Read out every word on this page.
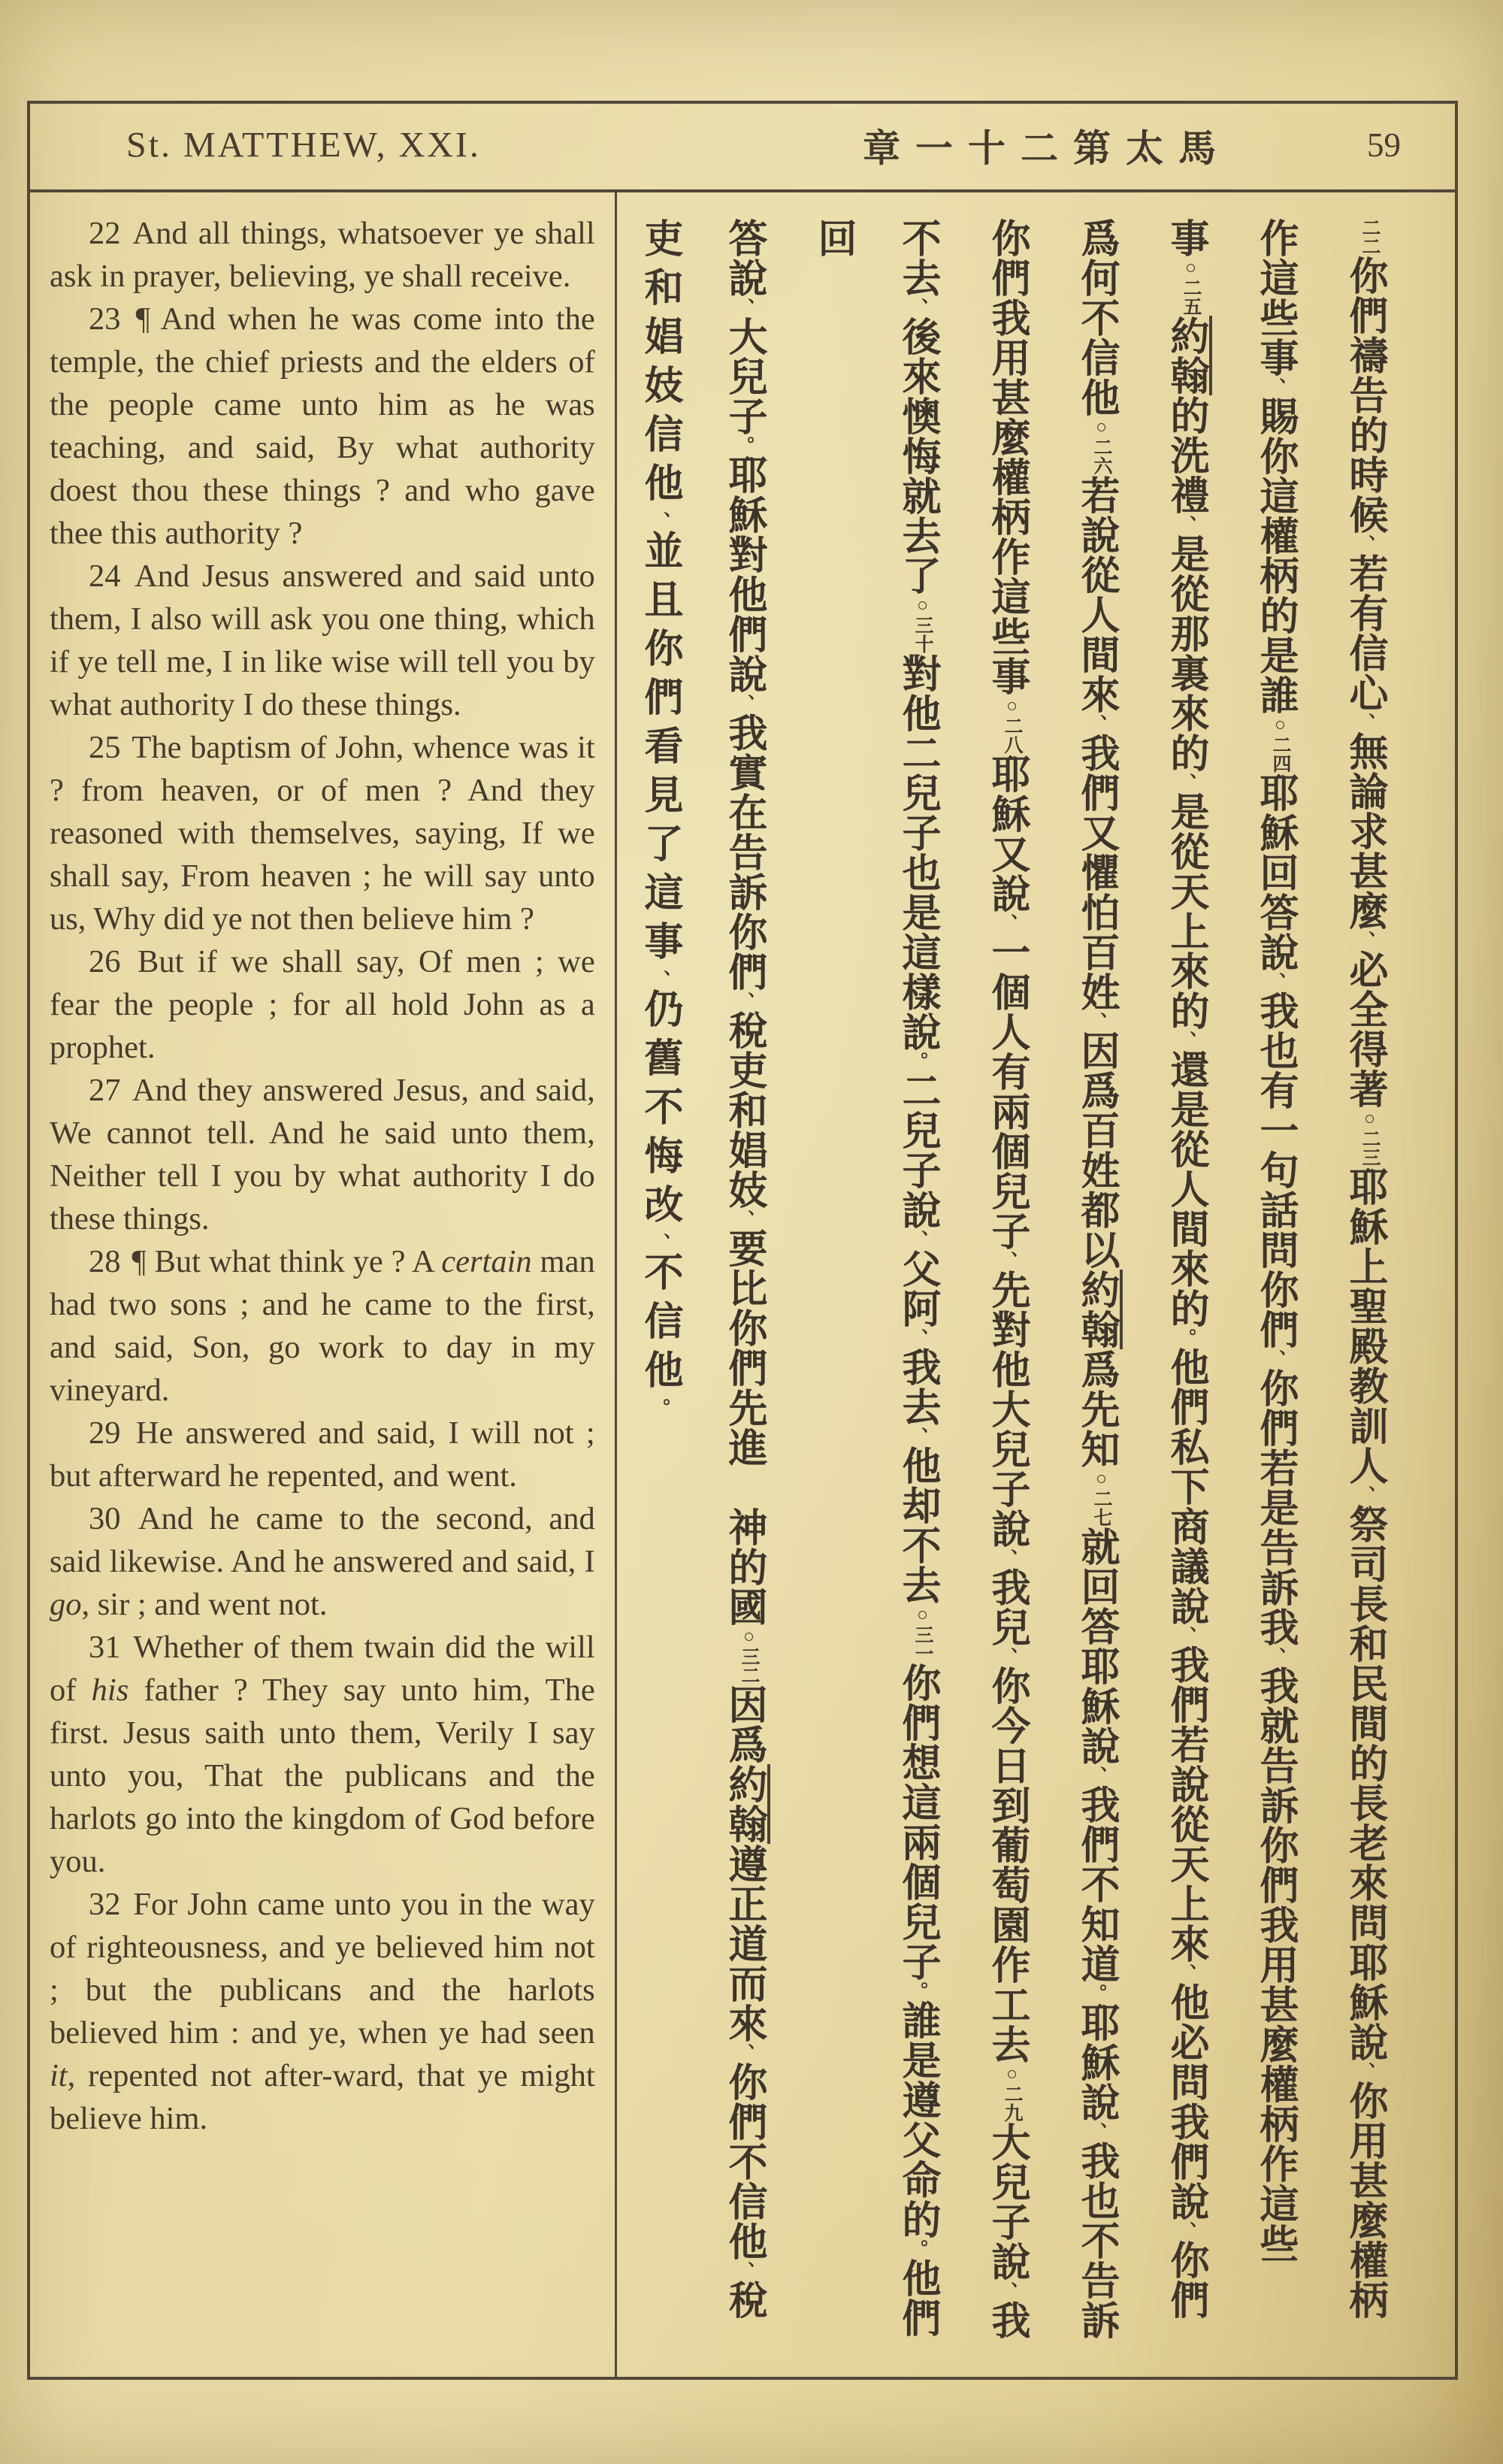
St. MATTHEW, XXI.	章一十二第太馬	59

22 And all things, whatsoever ye shall ask in prayer, believing, ye shall receive.

23 ¶ And when he was come into the temple, the chief priests and the elders of the people came unto him as he was teaching, and said, By what authority doest thou these things ? and who gave thee this authority ?

24 And Jesus answered and said unto them, I also will ask you one thing, which if ye tell me, I in like wise will tell you by what authority I do these things.

25 The baptism of John, whence was it ? from heaven, or of men ? And they reasoned with themselves, saying, If we shall say, From heaven ; he will say unto us, Why did ye not then believe him ?

26 But if we shall say, Of men ; we fear the people ; for all hold John as a prophet.

27 And they answered Jesus, and said, We cannot tell. And he said unto them, Neither tell I you by what authority I do these things.

28 ¶ But what think ye ? A certain man had two sons ; and he came to the first, and said, Son, go work to day in my vineyard.

29 He answered and said, I will not ; but afterward he repented, and went.

30 And he came to the second, and said likewise. And he answered and said, I go, sir ; and went not.

31 Whether of them twain did the will of his father ? They say unto him, The first. Jesus saith unto them, Verily I say unto you, That the publicans and the harlots go into the kingdom of God before you.

32 For John came unto you in the way of righteousness, and ye believed him not ; but the publicans and the harlots believed him : and ye, when ye had seen it, repented not after-ward, that ye might believe him.

二二你們禱告的時候、若有信心、無論求甚麼、必全得著○二三耶穌上聖殿教訓人、祭司長和民間的長老來問耶穌說、你用甚麼權柄
作這些事、賜你這權柄的是誰○二四耶穌回答說、我也有一句話問你們、你們若是告訴我、我就告訴你們我用甚麼權柄作這些
事○二五約翰的洗禮、是從那裏來的、是從天上來的、還是從人間來的。他們私下商議說、我們若說從天上來、他必問我們說、你們
爲何不信他○二六若說從人間來、我們又懼怕百姓、因爲百姓都以約翰爲先知○二七就回答耶穌說、我們不知道。耶穌說、我也不告訴
你們我用甚麼權柄作這些事○二八耶穌又說、一個人有兩個兒子、先對他大兒子說、我兒、你今日到葡萄園作工去○二九大兒子說、我
不去、後來懊悔就去了○三十對他二兒子也是這樣說。二兒子說、父阿、我去、他却不去○三一你們想這兩個兒子。誰是遵父命的。他們回
答說、大兒子。耶穌對他們說、我實在告訴你們、稅吏和娼妓、要比你們先進　神的國○三二因爲約翰遵正道而來、你們不信他、稅
吏和娼妓信他、並且你們看見了這事、仍舊不悔改、不信他。
